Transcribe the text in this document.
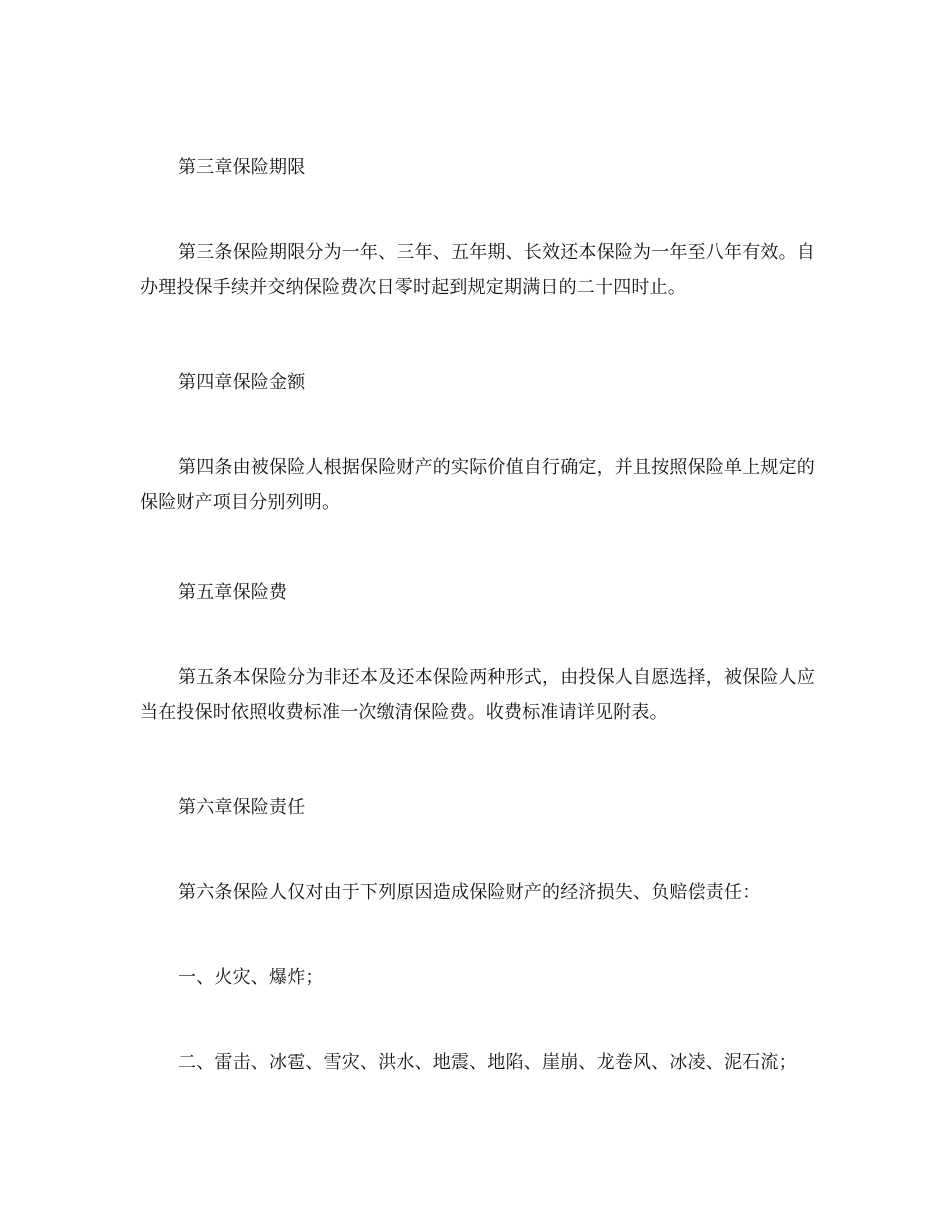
第三章保险期限
第三条保险期限分为一年、三年、五年期、长效还本保险为一年至八年有效。自办理投保手续并交纳保险费次日零时起到规定期满日的二十四时止。
第四章保险金额
第四条由被保险人根据保险财产的实际价值自行确定，并且按照保险单上规定的保险财产项目分别列明。
第五章保险费
第五条本保险分为非还本及还本保险两种形式，由投保人自愿选择，被保险人应当在投保时依照收费标准一次缴清保险费。收费标准请详见附表。
第六章保险责任
第六条保险人仅对由于下列原因造成保险财产的经济损失、负赔偿责任：
一、火灾、爆炸；
二、雷击、冰雹、雪灾、洪水、地震、地陷、崖崩、龙卷风、冰凌、泥石流；
